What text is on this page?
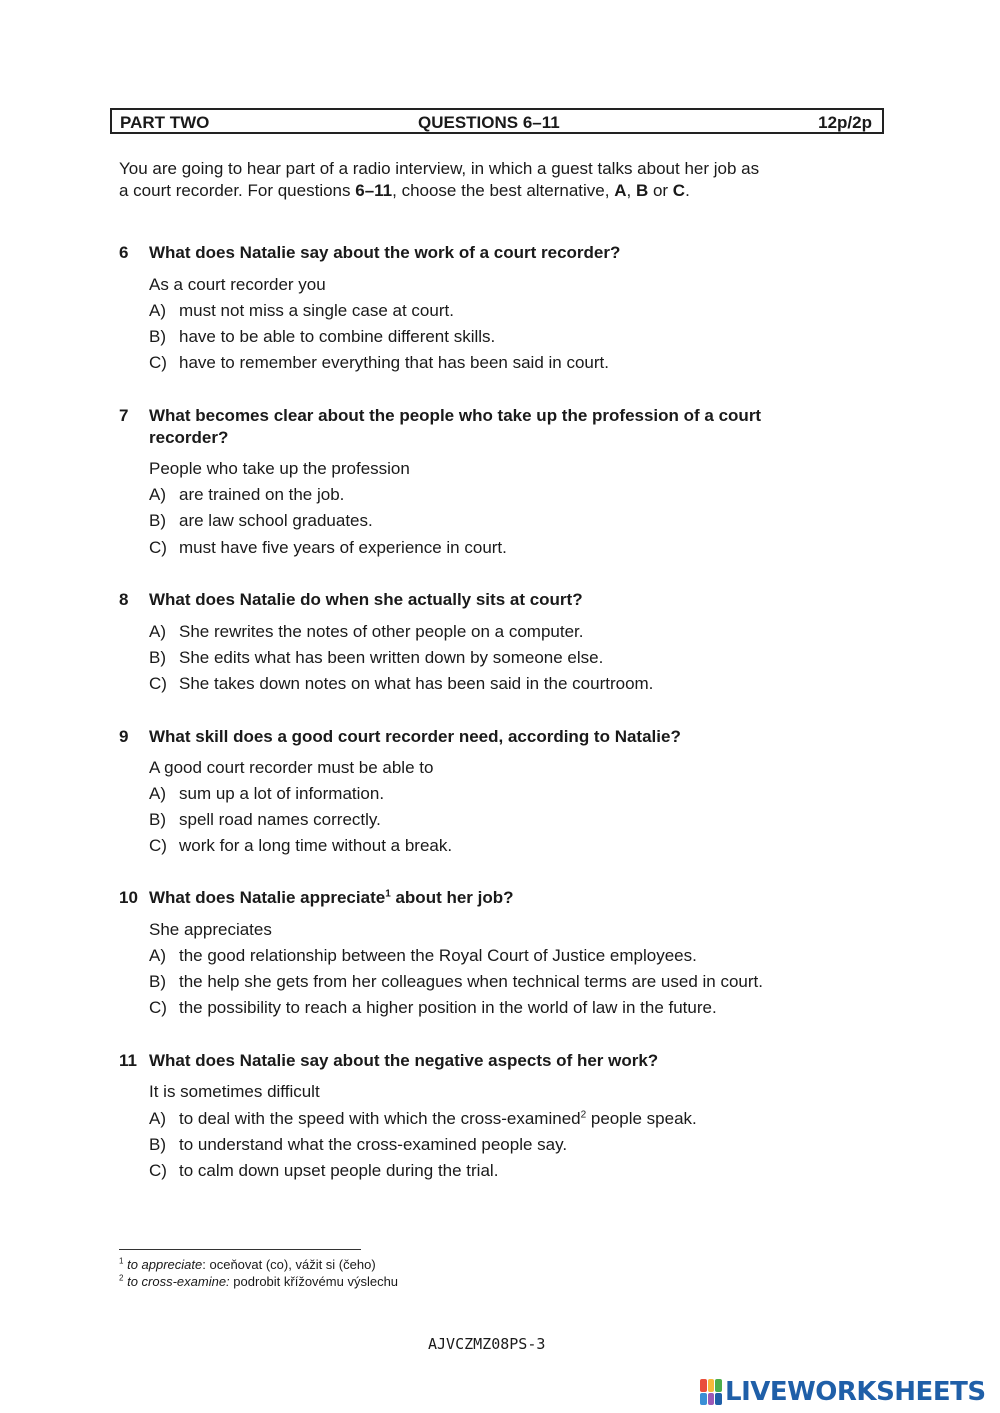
PART TWO	QUESTIONS 6–11	12p/2p
You are going to hear part of a radio interview, in which a guest talks about her job as
a court recorder. For questions 6–11, choose the best alternative, A, B or C.
6 What does Natalie say about the work of a court recorder?
As a court recorder you
A) must not miss a single case at court.
B) have to be able to combine different skills.
C) have to remember everything that has been said in court.
7 What becomes clear about the people who take up the profession of a court
recorder?
People who take up the profession
A) are trained on the job.
B) are law school graduates.
C) must have five years of experience in court.
8 What does Natalie do when she actually sits at court?
A) She rewrites the notes of other people on a computer.
B) She edits what has been written down by someone else.
C) She takes down notes on what has been said in the courtroom.
9 What skill does a good court recorder need, according to Natalie?
A good court recorder must be able to
A) sum up a lot of information.
B) spell road names correctly.
C) work for a long time without a break.
10 What does Natalie appreciate$^1$ about her job?
She appreciates
A) the good relationship between the Royal Court of Justice employees.
B) the help she gets from her colleagues when technical terms are used in court.
C) the possibility to reach a higher position in the world of law in the future.
11 What does Natalie say about the negative aspects of her work?
It is sometimes difficult
A) to deal with the speed with which the cross-examined$^2$ people speak.
B) to understand what the cross-examined people say.
C) to calm down upset people during the trial.
$^1$ to appreciate: oceňovat (co), vážit si (čeho)
$^2$ to cross-examine: podrobit křížovému výslechu
AJVCZMZ08PS-3
LIVEWORKSHEETS
